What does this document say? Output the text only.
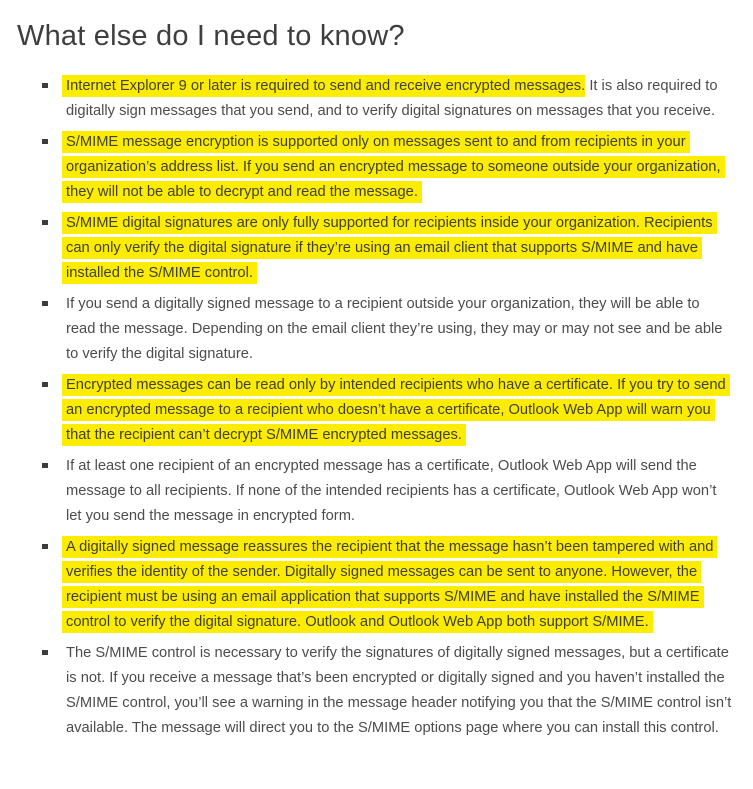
What else do I need to know?
Internet Explorer 9 or later is required to send and receive encrypted messages. It is also required to digitally sign messages that you send, and to verify digital signatures on messages that you receive.
S/MIME message encryption is supported only on messages sent to and from recipients in your organization’s address list. If you send an encrypted message to someone outside your organization, they will not be able to decrypt and read the message.
S/MIME digital signatures are only fully supported for recipients inside your organization. Recipients can only verify the digital signature if they’re using an email client that supports S/MIME and have installed the S/MIME control.
If you send a digitally signed message to a recipient outside your organization, they will be able to read the message. Depending on the email client they’re using, they may or may not see and be able to verify the digital signature.
Encrypted messages can be read only by intended recipients who have a certificate. If you try to send an encrypted message to a recipient who doesn’t have a certificate, Outlook Web App will warn you that the recipient can’t decrypt S/MIME encrypted messages.
If at least one recipient of an encrypted message has a certificate, Outlook Web App will send the message to all recipients. If none of the intended recipients has a certificate, Outlook Web App won’t let you send the message in encrypted form.
A digitally signed message reassures the recipient that the message hasn’t been tampered with and verifies the identity of the sender. Digitally signed messages can be sent to anyone. However, the recipient must be using an email application that supports S/MIME and have installed the S/MIME control to verify the digital signature. Outlook and Outlook Web App both support S/MIME.
The S/MIME control is necessary to verify the signatures of digitally signed messages, but a certificate is not. If you receive a message that’s been encrypted or digitally signed and you haven’t installed the S/MIME control, you’ll see a warning in the message header notifying you that the S/MIME control isn’t available. The message will direct you to the S/MIME options page where you can install this control.
